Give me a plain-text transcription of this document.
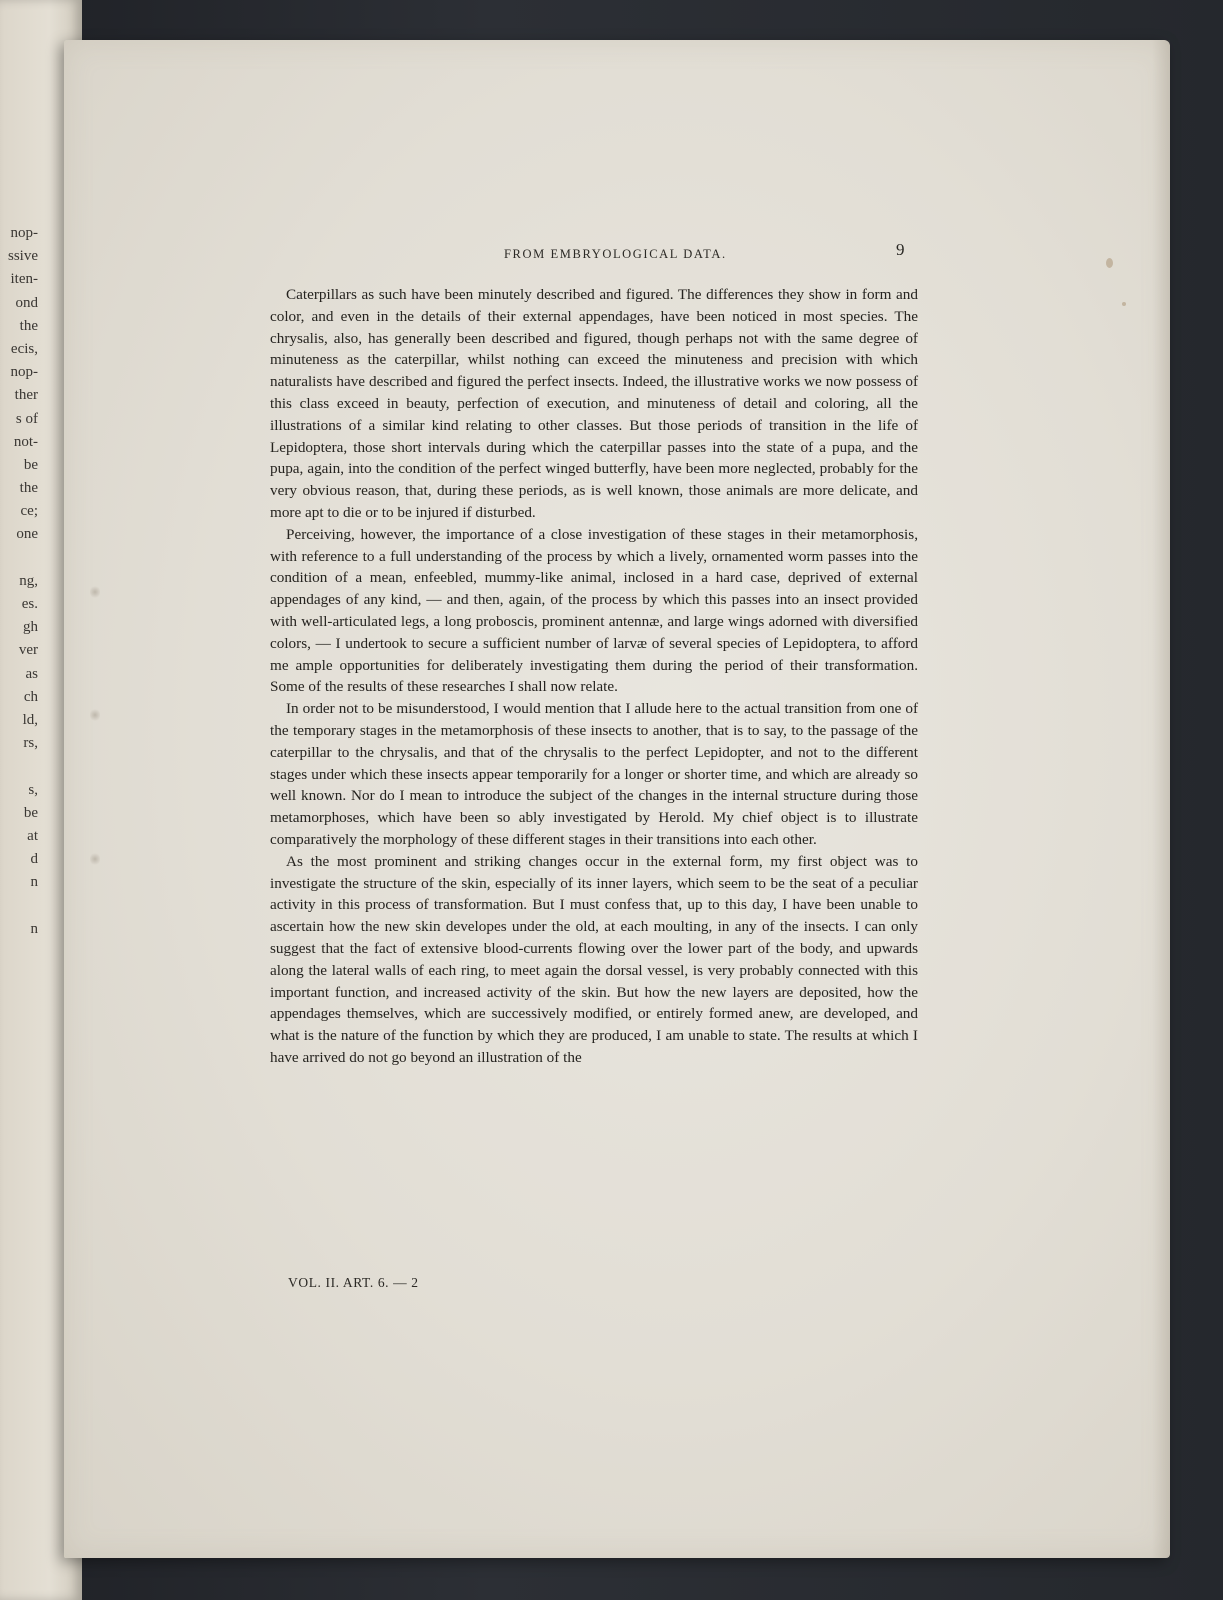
nop-
ssive
iten-
ond
the
ecis,
nop-
ther
s of
not-
be
the
ce;
one
ng,
es.
gh
ver
as
ch
ld,
rs,
s,
be
at
d
n
n
FROM EMBRYOLOGICAL DATA.	9

Caterpillars as such have been minutely described and figured. The differences they show in form and color, and even in the details of their external appendages, have been noticed in most species. The chrysalis, also, has generally been described and figured, though perhaps not with the same degree of minuteness as the caterpillar, whilst nothing can exceed the minuteness and precision with which naturalists have described and figured the perfect insects. Indeed, the illustrative works we now possess of this class exceed in beauty, perfection of execution, and minuteness of detail and coloring, all the illustrations of a similar kind relating to other classes. But those periods of transition in the life of Lepidoptera, those short intervals during which the caterpillar passes into the state of a pupa, and the pupa, again, into the condition of the perfect winged butterfly, have been more neglected, probably for the very obvious reason, that, during these periods, as is well known, those animals are more delicate, and more apt to die or to be injured if disturbed.

Perceiving, however, the importance of a close investigation of these stages in their metamorphosis, with reference to a full understanding of the process by which a lively, ornamented worm passes into the condition of a mean, enfeebled, mummy-like animal, inclosed in a hard case, deprived of external appendages of any kind, — and then, again, of the process by which this passes into an insect provided with well-articulated legs, a long proboscis, prominent antennæ, and large wings adorned with diversified colors, — I undertook to secure a sufficient number of larvæ of several species of Lepidoptera, to afford me ample opportunities for deliberately investigating them during the period of their transformation. Some of the results of these researches I shall now relate.

In order not to be misunderstood, I would mention that I allude here to the actual transition from one of the temporary stages in the metamorphosis of these insects to another, that is to say, to the passage of the caterpillar to the chrysalis, and that of the chrysalis to the perfect Lepidopter, and not to the different stages under which these insects appear temporarily for a longer or shorter time, and which are already so well known. Nor do I mean to introduce the subject of the changes in the internal structure during those metamorphoses, which have been so ably investigated by Herold. My chief object is to illustrate comparatively the morphology of these different stages in their transitions into each other.

As the most prominent and striking changes occur in the external form, my first object was to investigate the structure of the skin, especially of its inner layers, which seem to be the seat of a peculiar activity in this process of transformation. But I must confess that, up to this day, I have been unable to ascertain how the new skin developes under the old, at each moulting, in any of the insects. I can only suggest that the fact of extensive blood-currents flowing over the lower part of the body, and upwards along the lateral walls of each ring, to meet again the dorsal vessel, is very probably connected with this important function, and increased activity of the skin. But how the new layers are deposited, how the appendages themselves, which are successively modified, or entirely formed anew, are developed, and what is the nature of the function by which they are produced, I am unable to state. The results at which I have arrived do not go beyond an illustration of the

VOL. II. ART. 6. — 2
